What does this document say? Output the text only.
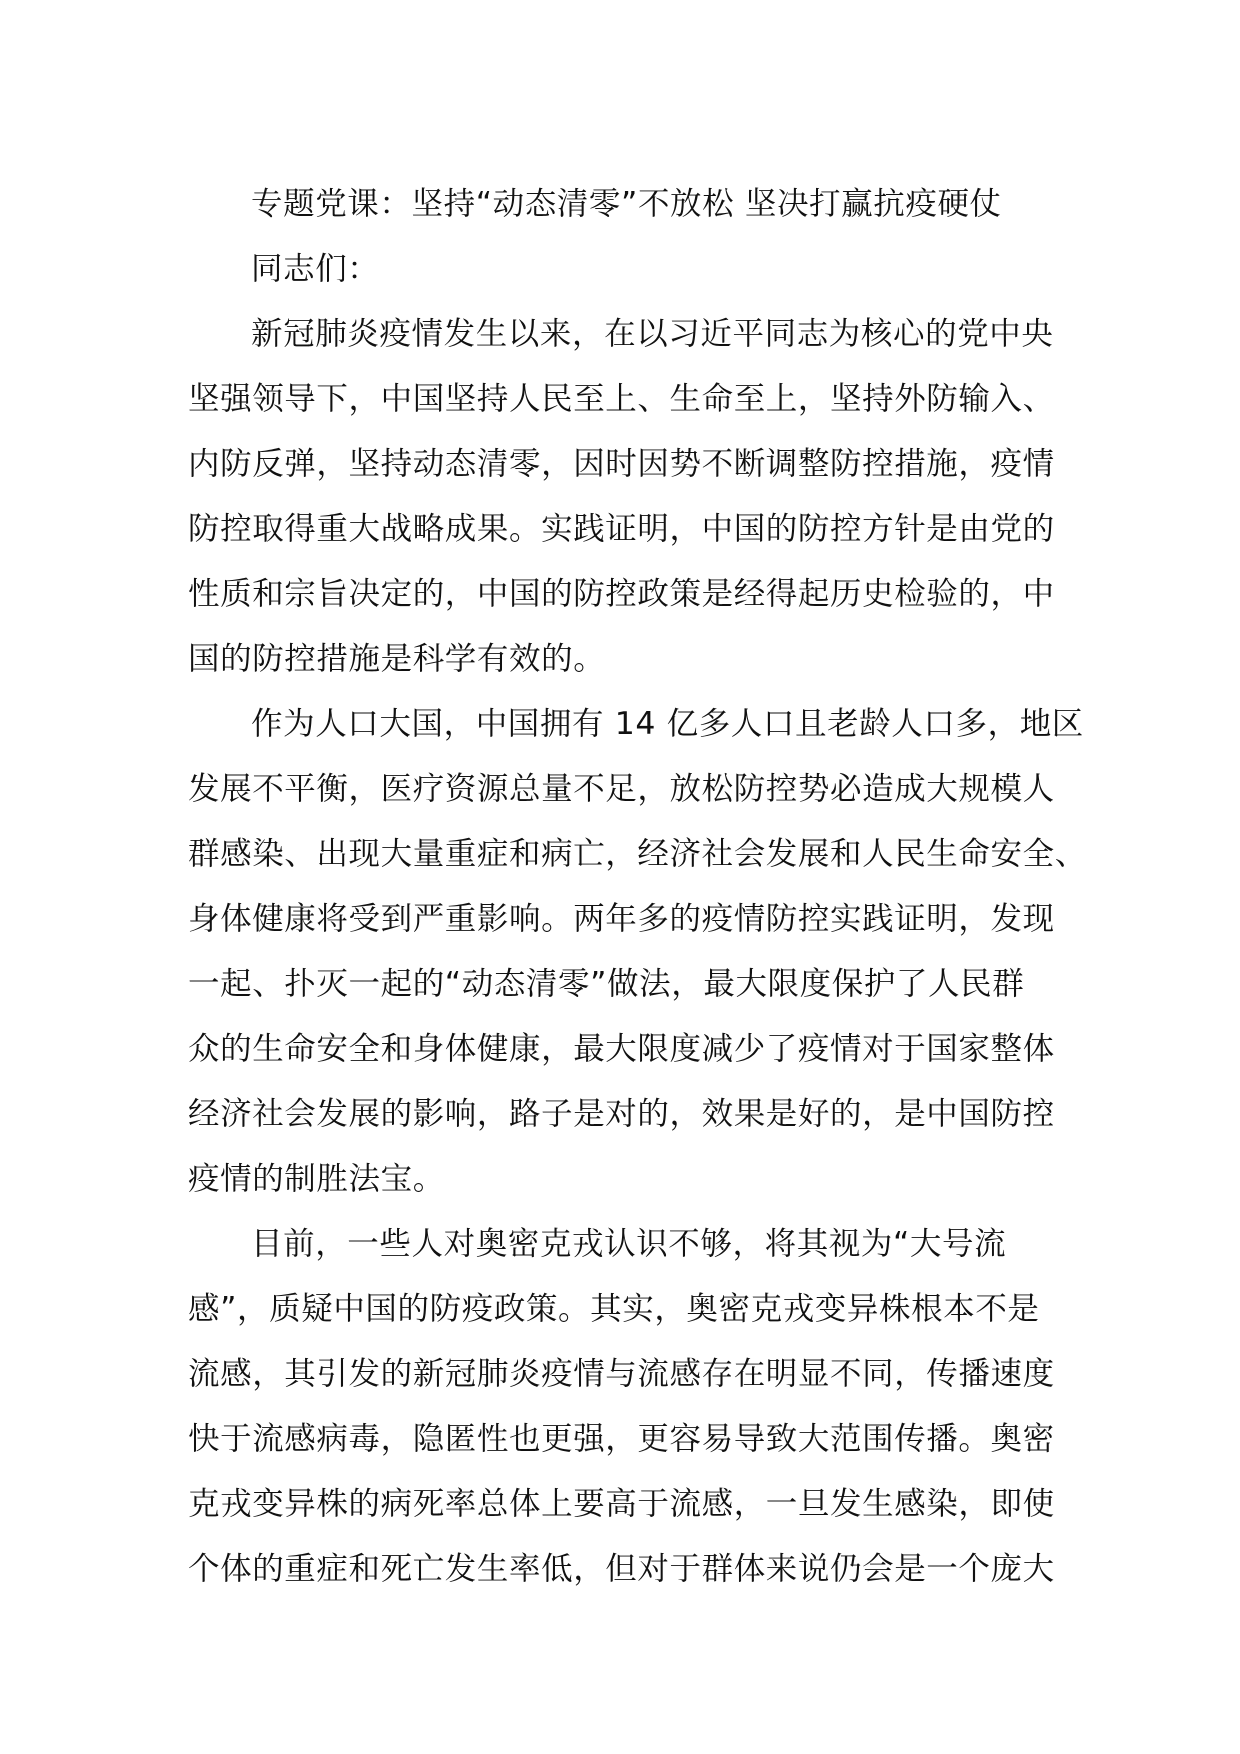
专题党课：坚持“动态清零”不放松 坚决打赢抗疫硬仗
同志们：
新冠肺炎疫情发生以来，在以习近平同志为核心的党中央
坚强领导下，中国坚持人民至上、生命至上，坚持外防输入、
内防反弹，坚持动态清零，因时因势不断调整防控措施，疫情
防控取得重大战略成果。实践证明，中国的防控方针是由党的
性质和宗旨决定的，中国的防控政策是经得起历史检验的，中
国的防控措施是科学有效的。
作为人口大国，中国拥有 14 亿多人口且老龄人口多，地区
发展不平衡，医疗资源总量不足，放松防控势必造成大规模人
群感染、出现大量重症和病亡，经济社会发展和人民生命安全、
身体健康将受到严重影响。两年多的疫情防控实践证明，发现
一起、扑灭一起的“动态清零”做法，最大限度保护了人民群
众的生命安全和身体健康，最大限度减少了疫情对于国家整体
经济社会发展的影响，路子是对的，效果是好的，是中国防控
疫情的制胜法宝。
目前，一些人对奥密克戎认识不够，将其视为“大号流
感”，质疑中国的防疫政策。其实，奥密克戎变异株根本不是
流感，其引发的新冠肺炎疫情与流感存在明显不同，传播速度
快于流感病毒，隐匿性也更强，更容易导致大范围传播。奥密
克戎变异株的病死率总体上要高于流感，一旦发生感染，即使
个体的重症和死亡发生率低，但对于群体来说仍会是一个庞大
